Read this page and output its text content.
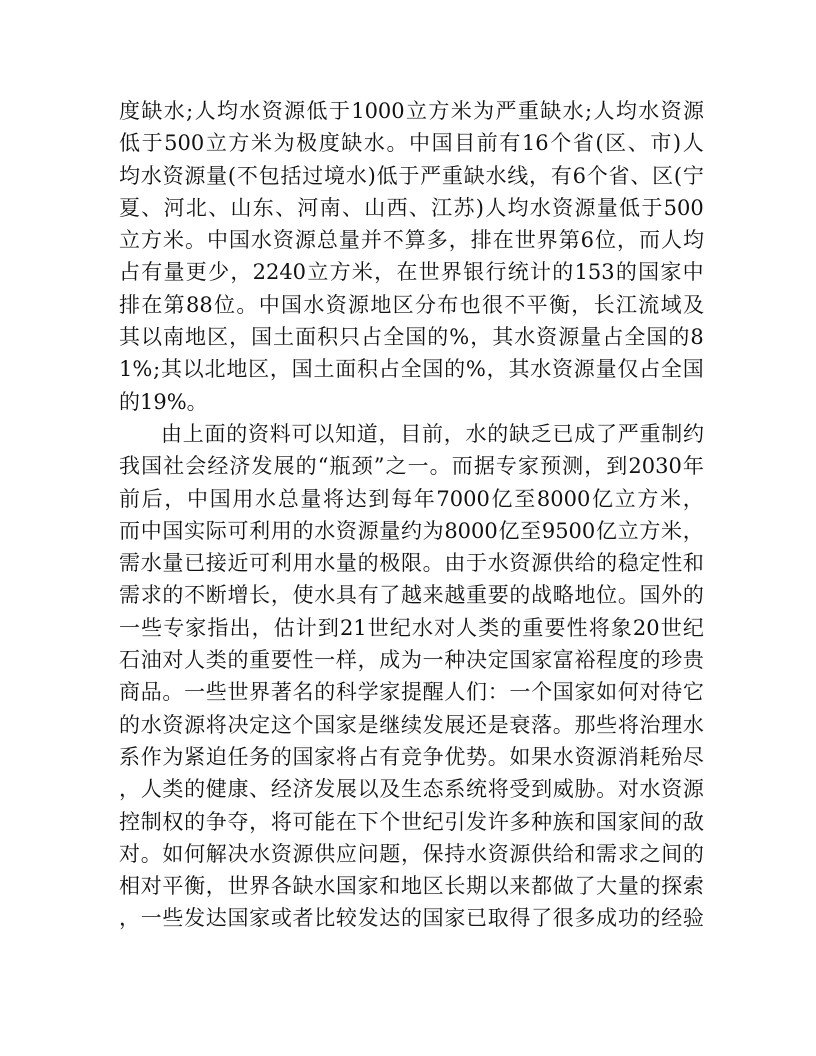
度 缺 水 ; 人 均 水 资 源 低 于 1000 立 方 米 为 严 重 缺 水 ; 人 均 水 资 源
低 于 500 立 方 米 为 极 度 缺 水 。 中 国 目 前 有 16 个 省 ( 区 、 市 ) 人
均 水 资 源 量 ( 不 包 括 过 境 水 ) 低 于 严 重 缺 水 线 ， 有 6 个 省 、 区 ( 宁
夏 、 河 北 、 山 东 、 河 南 、 山 西 、 江 苏 ) 人 均 水 资 源 量 低 于 500
立 方 米 。 中 国 水 资 源 总 量 并 不 算 多 ， 排 在 世 界 第 6 位 ， 而 人 均
占 有 量 更 少 ， 2240 立 方 米 ， 在 世 界 银 行 统 计 的 153 的 国 家 中
排 在 第 88 位 。 中 国 水 资 源 地 区 分 布 也 很 不 平 衡 ， 长 江 流 域 及
其 以 南 地 区 ， 国 土 面 积 只 占 全 国 的 % ， 其 水 资 源 量 占 全 国 的 8
1% ; 其 以 北 地 区 ， 国 土 面 积 占 全 国 的 % ， 其 水 资 源 量 仅 占 全 国
的19%。
由 上 面 的 资 料 可 以 知 道 ， 目 前 ， 水 的 缺 乏 已 成 了 严 重 制 约
我 国 社 会 经 济 发 展 的 “ 瓶 颈 ” 之 一 。 而 据 专 家 预 测 ， 到 2030 年
前 后 ， 中 国 用 水 总 量 将 达 到 每 年 7000 亿 至 8000 亿 立 方 米 ，
而 中 国 实 际 可 利 用 的 水 资 源 量 约 为 8000 亿 至 9500 亿 立 方 米 ，
需 水 量 已 接 近 可 利 用 水 量 的 极 限 。 由 于 水 资 源 供 给 的 稳 定 性 和
需 求 的 不 断 增 长 ， 使 水 具 有 了 越 来 越 重 要 的 战 略 地 位 。 国 外 的
一 些 专 家 指 出 ， 估 计 到 21 世 纪 水 对 人 类 的 重 要 性 将 象 20 世 纪
石 油 对 人 类 的 重 要 性 一 样 ， 成 为 一 种 决 定 国 家 富 裕 程 度 的 珍 贵
商 品 。 一 些 世 界 著 名 的 科 学 家 提 醒 人 们 ： 一 个 国 家 如 何 对 待 它
的 水 资 源 将 决 定 这 个 国 家 是 继 续 发 展 还 是 衰 落 。 那 些 将 治 理 水
系 作 为 紧 迫 任 务 的 国 家 将 占 有 竞 争 优 势 。 如 果 水 资 源 消 耗 殆 尽
， 人 类 的 健 康 、 经 济 发 展 以 及 生 态 系 统 将 受 到 威 胁 。 对 水 资 源
控 制 权 的 争 夺 ， 将 可 能 在 下 个 世 纪 引 发 许 多 种 族 和 国 家 间 的 敌
对 。 如 何 解 决 水 资 源 供 应 问 题 ， 保 持 水 资 源 供 给 和 需 求 之 间 的
相 对 平 衡 ， 世 界 各 缺 水 国 家 和 地 区 长 期 以 来 都 做 了 大 量 的 探 索
， 一 些 发 达 国 家 或 者 比 较 发 达 的 国 家 已 取 得 了 很 多 成 功 的 经 验
